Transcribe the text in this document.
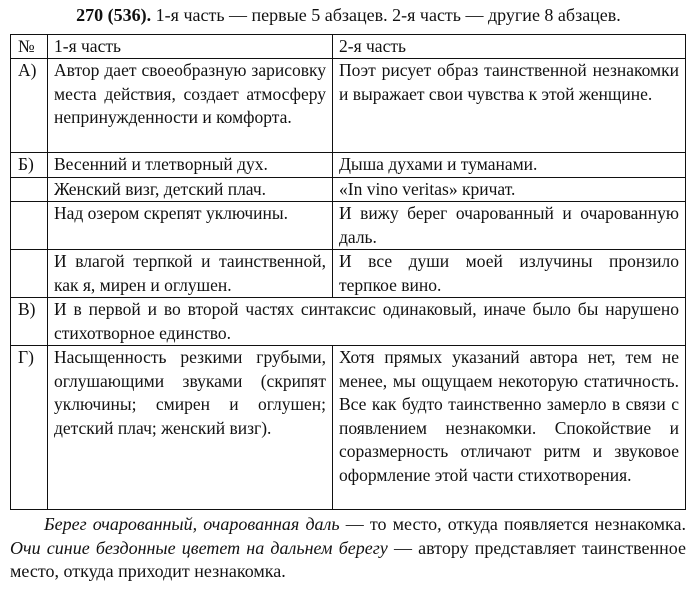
270 (536). 1-я часть — первые 5 абзацев. 2-я часть — другие 8 абзацев.
№	1-я часть	2-я часть
А)	Автор дает своеобразную зарисовку места действия, создает атмосферу непринужденности и комфорта.	Поэт рисует образ таинственной незнакомки и выражает свои чувства к этой женщине.
Б)	Весенний и тлетворный дух.	Дыша духами и туманами.
	Женский визг, детский плач.	«In vino veritas» кричат.
	Над озером скрепят уключины.	И вижу берег очарованный и очарованную даль.
	И влагой терпкой и таинственной, как я, мирен и оглушен.	И все души моей излучины пронзило терпкое вино.
В)	И в первой и во второй частях синтаксис одинаковый, иначе было бы нарушено стихотворное единство.	
Г)	Насыщенность резкими грубыми, оглушающими звуками (скрипят уключины; смирен и оглушен; детский плач; женский визг).	Хотя прямых указаний автора нет, тем не менее, мы ощущаем некоторую статичность. Все как будто таинственно замерло в связи с появлением незнакомки. Спокойствие и соразмерность отличают ритм и звуковое оформление этой части стихотворения.

Берег очарованный, очарованная даль — то место, откуда появляется незнакомка. Очи синие бездонные цветет на дальнем берегу — автору представляет таинственное место, откуда приходит незнакомка.
